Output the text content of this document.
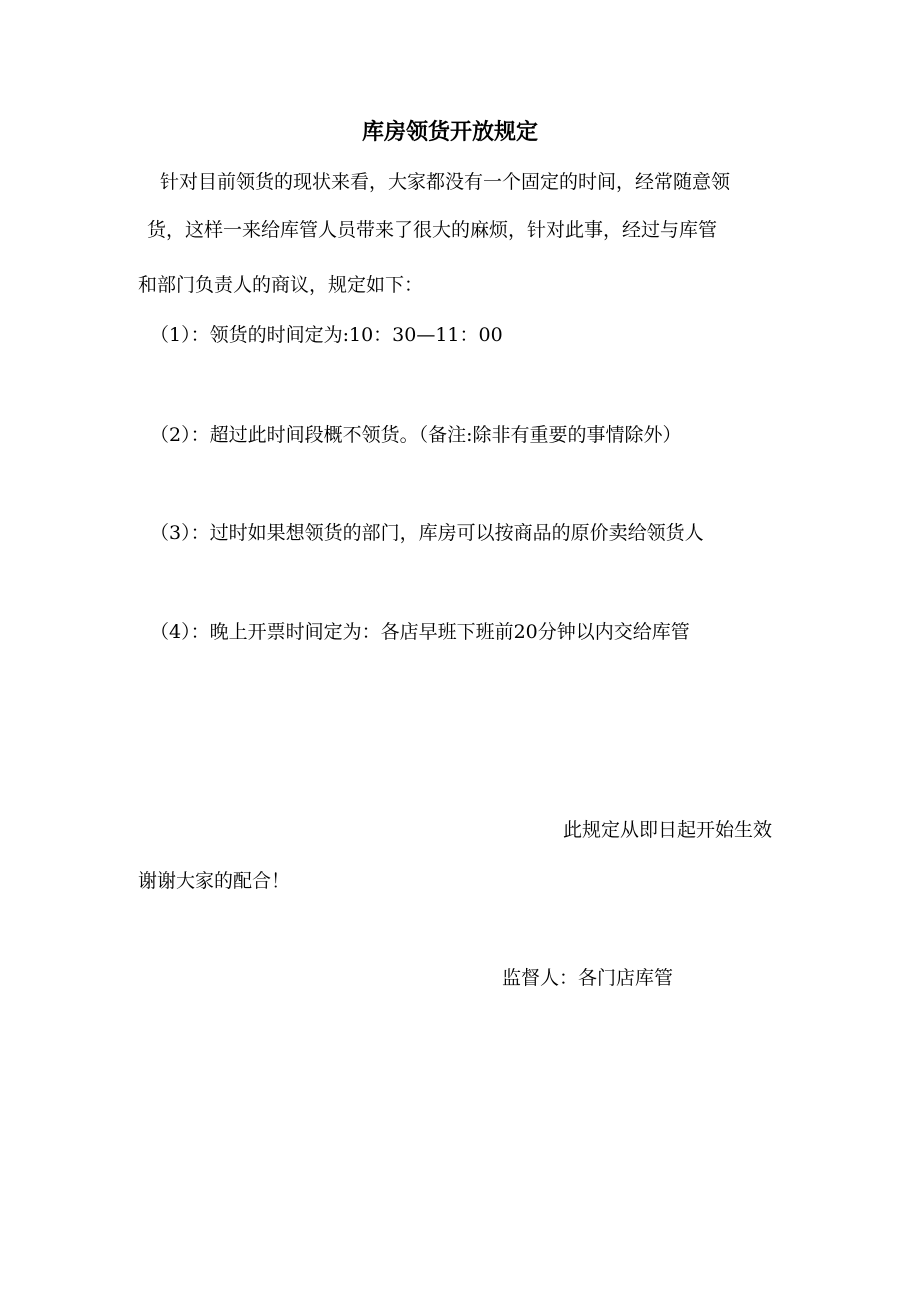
库房领货开放规定

针对目前领货的现状来看，大家都没有一个固定的时间，经常随意领

货，这样一来给库管人员带来了很大的麻烦，针对此事，经过与库管

和部门负责人的商议，规定如下：

（1）：领货的时间定为:10：30—11：00

（2）：超过此时间段概不领货。（备注:除非有重要的事情除外）

（3）：过时如果想领货的部门，库房可以按商品的原价卖给领货人

（4）：晚上开票时间定为：各店早班下班前20分钟以内交给库管

此规定从即日起开始生效

谢谢大家的配合！

监督人：各门店库管
